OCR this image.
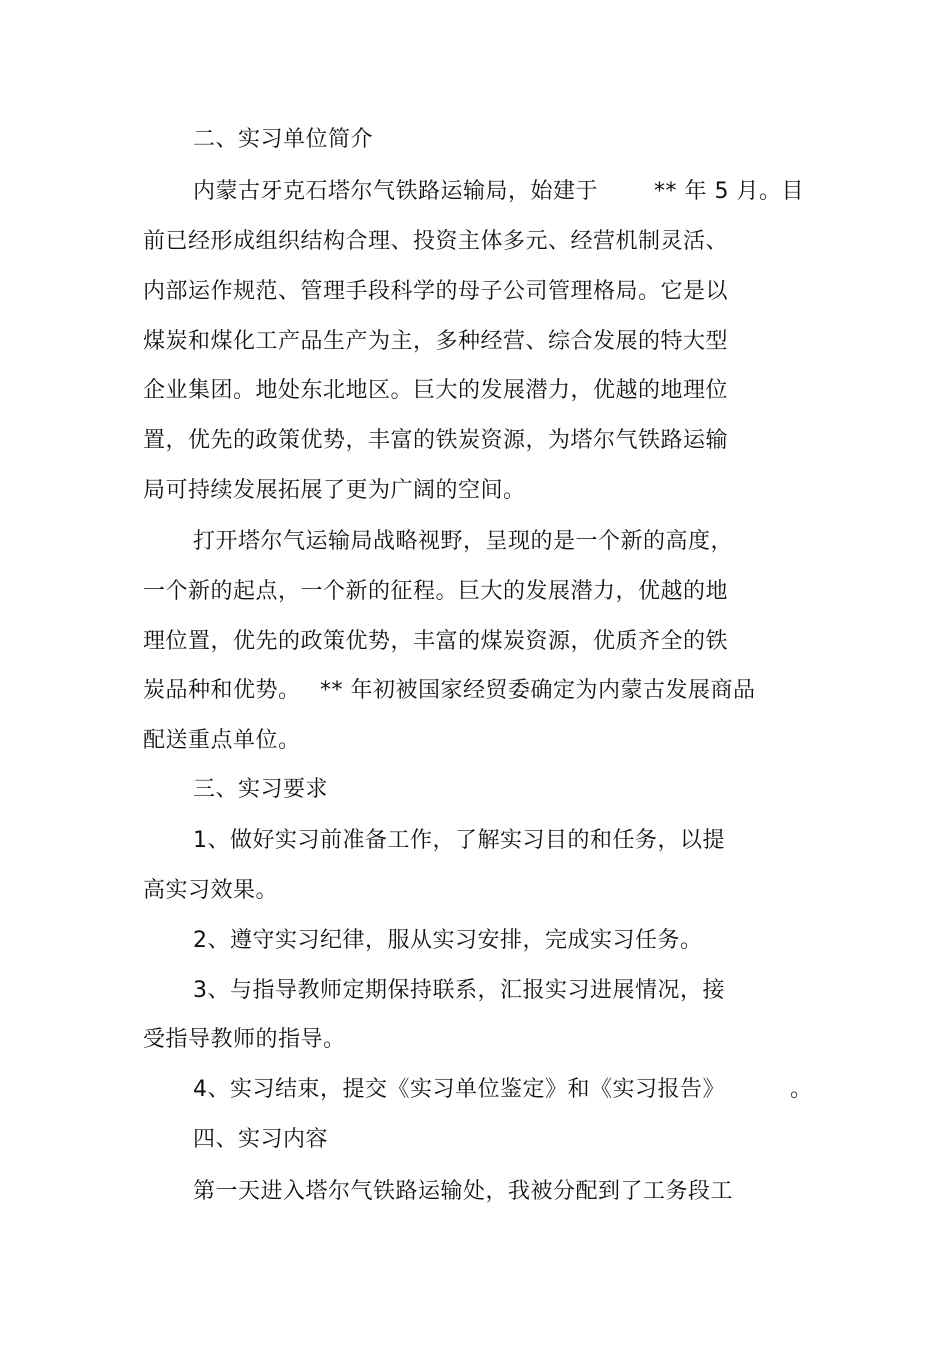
二、实习单位简介
内蒙古牙克石塔尔气铁路运输局，始建于	** 年 5 月。目
前已经形成组织结构合理、投资主体多元、经营机制灵活、
内部运作规范、管理手段科学的母子公司管理格局。它是以
煤炭和煤化工产品生产为主，多种经营、综合发展的特大型
企业集团。地处东北地区。巨大的发展潜力，优越的地理位
置，优先的政策优势，丰富的铁炭资源，为塔尔气铁路运输
局可持续发展拓展了更为广阔的空间。
打开塔尔气运输局战略视野，呈现的是一个新的高度，
一个新的起点，一个新的征程。巨大的发展潜力，优越的地
理位置，优先的政策优势，丰富的煤炭资源，优质齐全的铁
炭品种和优势。 ** 年初被国家经贸委确定为内蒙古发展商品
配送重点单位。
三、实习要求
1、做好实习前准备工作，了解实习目的和任务，以提
高实习效果。
2、遵守实习纪律，服从实习安排，完成实习任务。
3、与指导教师定期保持联系，汇报实习进展情况，接
受指导教师的指导。
4、实习结束，提交《实习单位鉴定》和《实习报告》	。
四、实习内容
第一天进入塔尔气铁路运输处，我被分配到了工务段工
